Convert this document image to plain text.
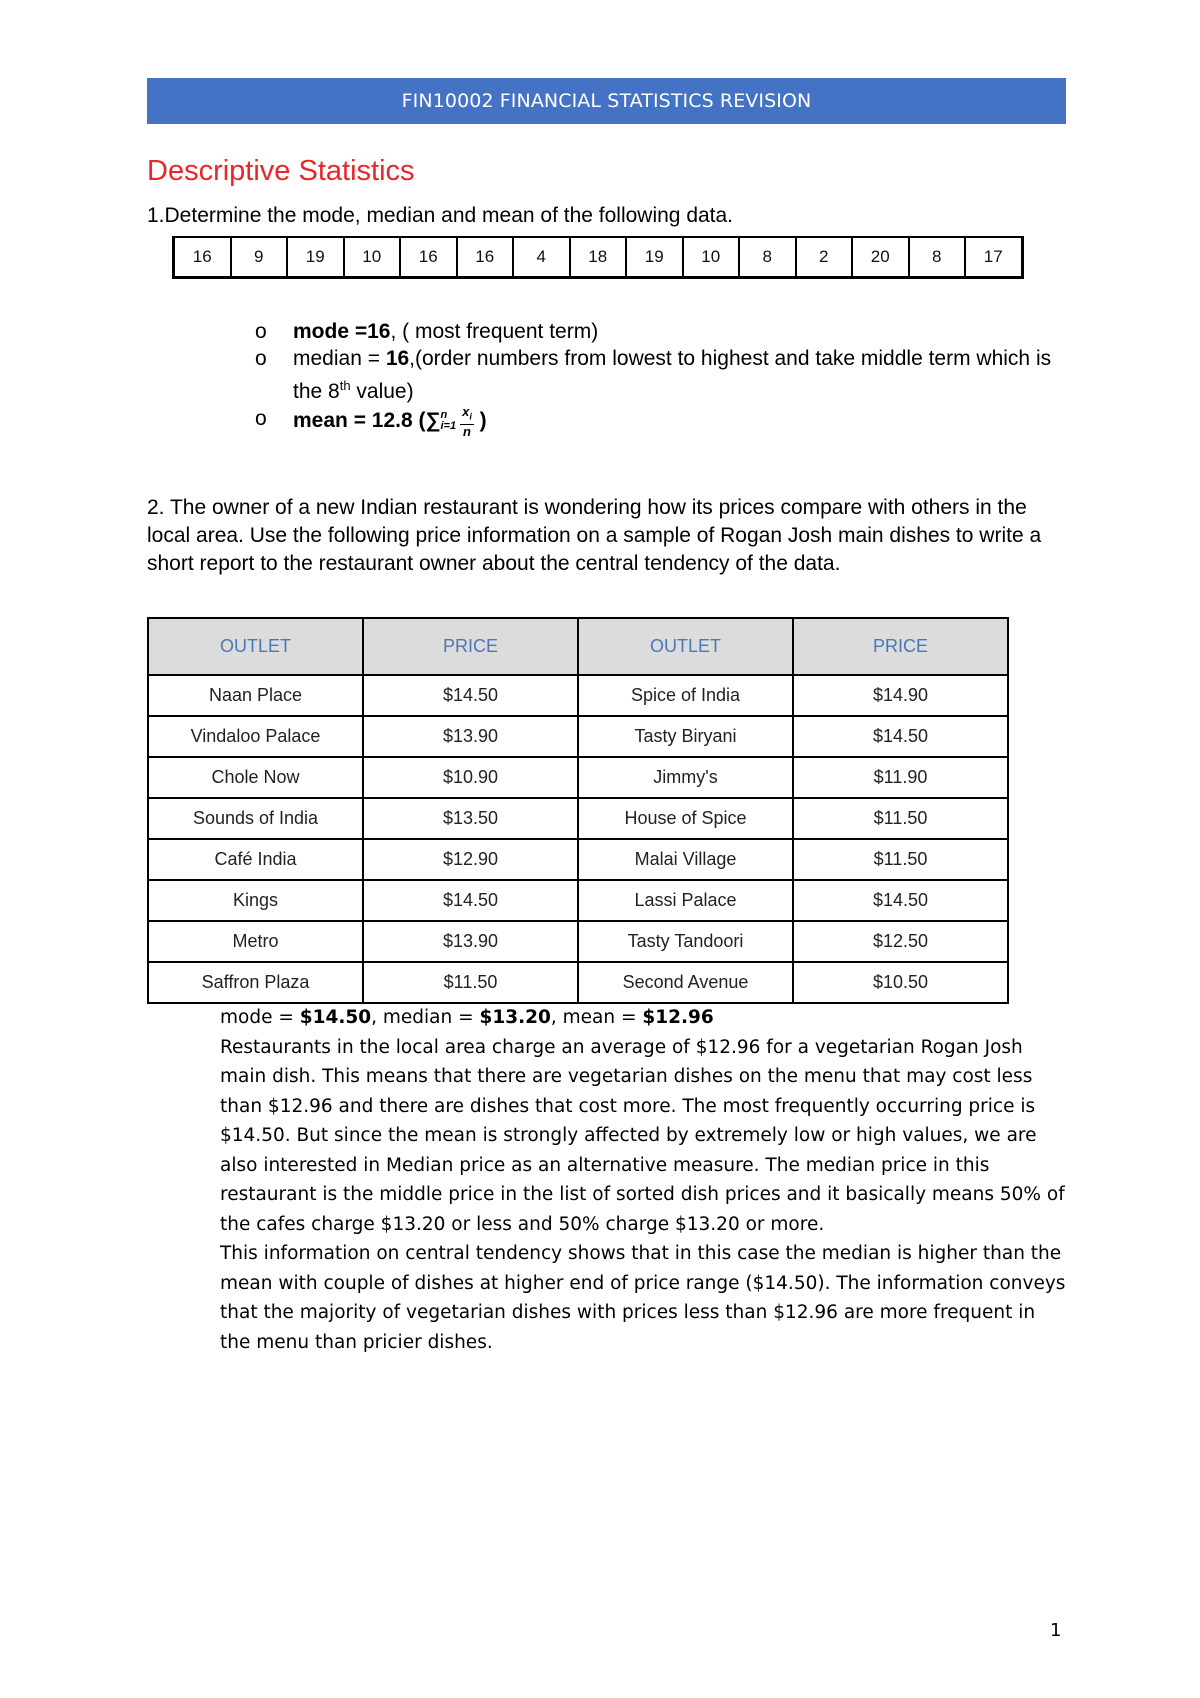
FIN10002 FINANCIAL STATISTICS REVISION
Descriptive Statistics
1.Determine the mode, median and mean of the following data.
16	9	19	10	16	16	4	18	19	10	8	2	20	8	17
o mode =16, ( most frequent term)
o median = 16,(order numbers from lowest to highest and take middle term which is the 8th value)
o mean = 12.8 (∑ n
$i=1 \frac{x_i}{n}$ )
2. The owner of a new Indian restaurant is wondering how its prices compare with others in the local area. Use the following price information on a sample of Rogan Josh main dishes to write a short report to the restaurant owner about the central tendency of the data.
OUTLET	PRICE	OUTLET	PRICE
Naan Place	$14.50	Spice of India	$14.90
Vindaloo Palace	$13.90	Tasty Biryani	$14.50
Chole Now	$10.90	Jimmy's	$11.90
Sounds of India	$13.50	House of Spice	$11.50
Café India	$12.90	Malai Village	$11.50
Kings	$14.50	Lassi Palace	$14.50
Metro	$13.90	Tasty Tandoori	$12.50
Saffron Plaza	$11.50	Second Avenue	$10.50

mode = $14.50, median = $13.20, mean = $12.96

Restaurants in the local area charge an average of $12.96 for a vegetarian Rogan Josh main dish. This means that there are vegetarian dishes on the menu that may cost less than $12.96 and there are dishes that cost more. The most frequently occurring price is $14.50. But since the mean is strongly affected by extremely low or high values, we are also interested in Median price as an alternative measure. The median price in this restaurant is the middle price in the list of sorted dish prices and it basically means 50% of the cafes charge $13.20 or less and 50% charge $13.20 or more.

This information on central tendency shows that in this case the median is higher than the mean with couple of dishes at higher end of price range ($14.50). The information conveys that the majority of vegetarian dishes with prices less than $12.96 are more frequent in the menu than pricier dishes.

1
